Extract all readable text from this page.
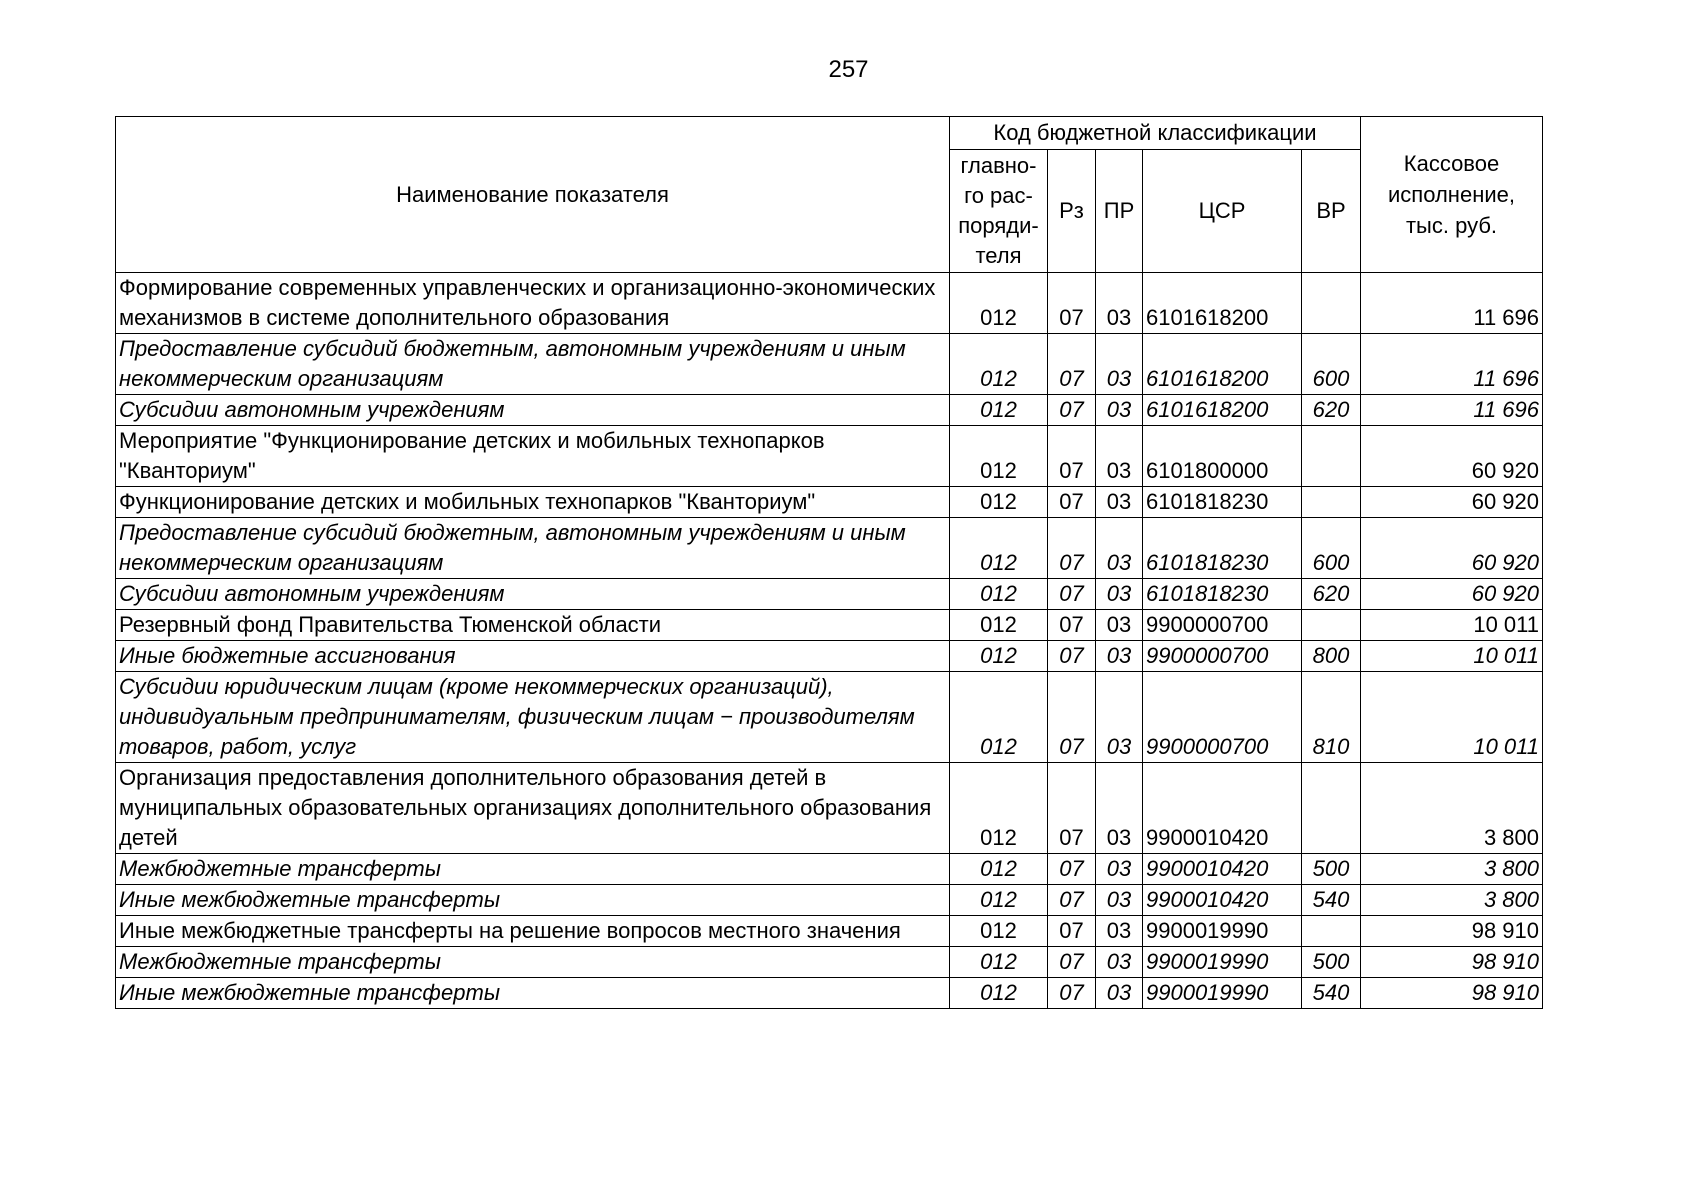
257
Наименование показателя	Код бюджетной классификации					Кассовое исполнение, тыс. руб.
	главно-го рас-поряди-теля	Рз	ПР	ЦСР	ВР	
Формирование современных управленческих и организационно-экономических механизмов в системе дополнительного образования	012	07	03	6101618200		11 696
Предоставление субсидий бюджетным, автономным учреждениям и иным некоммерческим организациям	012	07	03	6101618200	600	11 696
Субсидии автономным учреждениям	012	07	03	6101618200	620	11 696
Мероприятие "Функционирование детских и мобильных технопарков "Кванториум"	012	07	03	6101800000		60 920
Функционирование детских и мобильных технопарков "Кванториум"	012	07	03	6101818230		60 920
Предоставление субсидий бюджетным, автономным учреждениям и иным некоммерческим организациям	012	07	03	6101818230	600	60 920
Субсидии автономным учреждениям	012	07	03	6101818230	620	60 920
Резервный фонд Правительства Тюменской области	012	07	03	9900000700		10 011
Иные бюджетные ассигнования	012	07	03	9900000700	800	10 011
Субсидии юридическим лицам (кроме некоммерческих организаций), индивидуальным предпринимателям, физическим лицам − производителям товаров, работ, услуг	012	07	03	9900000700	810	10 011
Организация предоставления дополнительного образования детей в муниципальных образовательных организациях дополнительного образования детей	012	07	03	9900010420		3 800
Межбюджетные трансферты	012	07	03	9900010420	500	3 800
Иные межбюджетные трансферты	012	07	03	9900010420	540	3 800
Иные межбюджетные трансферты на решение вопросов местного значения	012	07	03	9900019990		98 910
Межбюджетные трансферты	012	07	03	9900019990	500	98 910
Иные межбюджетные трансферты	012	07	03	9900019990	540	98 910
